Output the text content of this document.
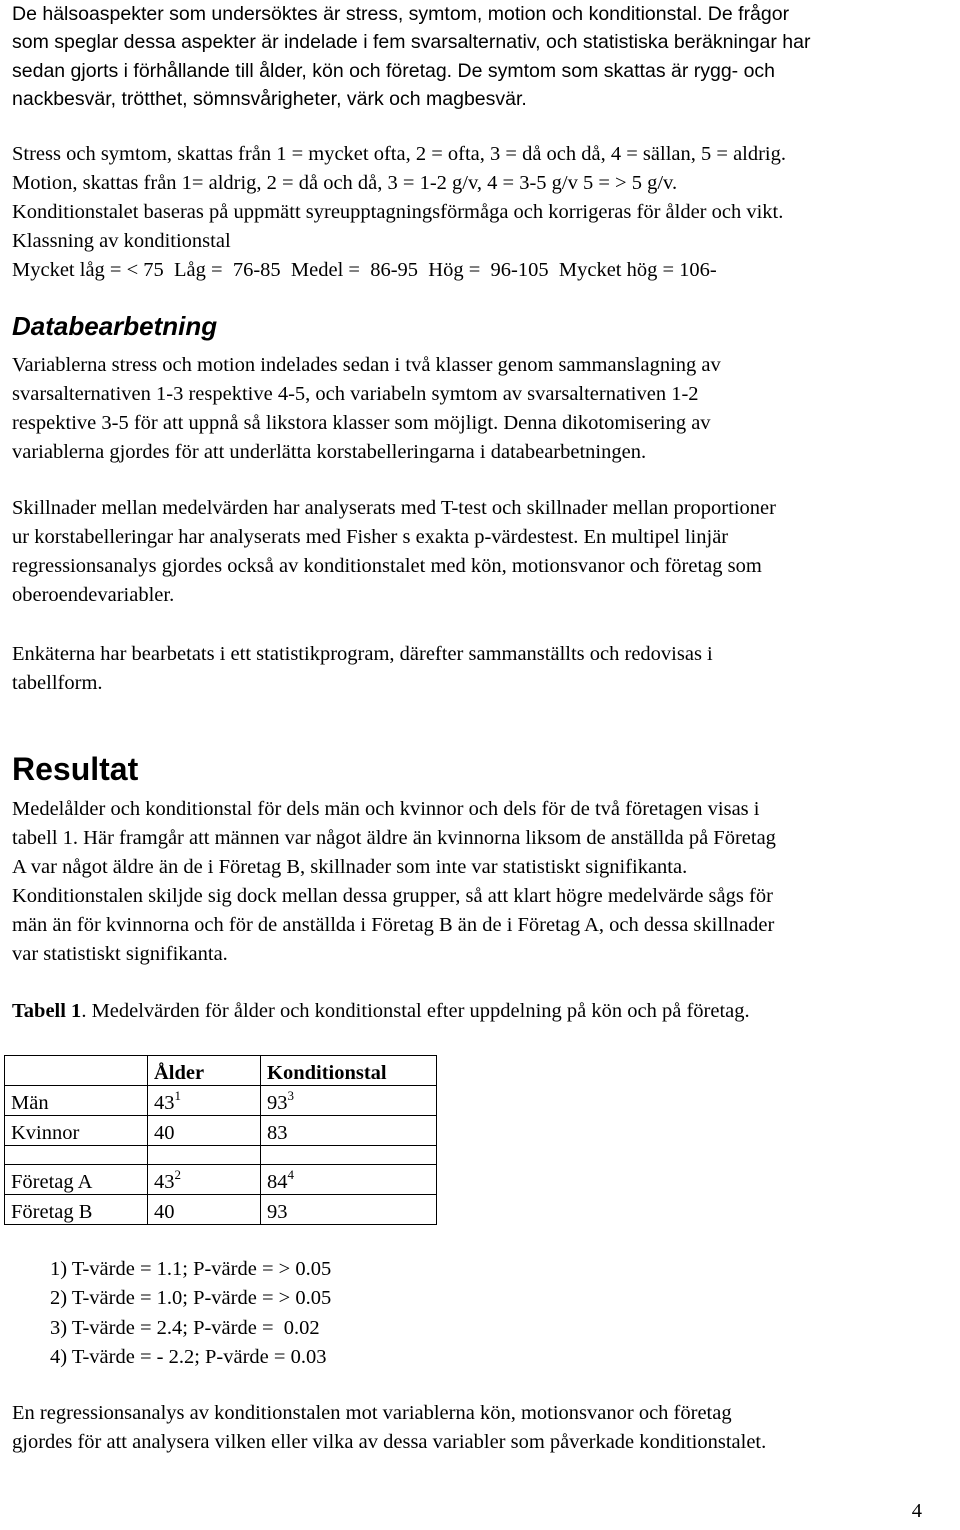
De hälsoaspekter som undersöktes är stress, symtom, motion och konditionstal. De frågor
som speglar dessa aspekter är indelade i fem svarsalternativ, och statistiska beräkningar har
sedan gjorts i förhållande till ålder, kön och företag. De symtom som skattas är rygg- och
nackbesvär, trötthet, sömnsvårigheter, värk och magbesvär.
Stress och symtom, skattas från 1 = mycket ofta, 2 = ofta, 3 = då och då, 4 = sällan, 5 = aldrig.
Motion, skattas från 1= aldrig, 2 = då och då, 3 = 1-2 g/v, 4 = 3-5 g/v 5 = > 5 g/v.
Konditionstalet baseras på uppmätt syreupptagningsförmåga och korrigeras för ålder och vikt.
Klassning av konditionstal
Mycket låg = < 75  Låg =  76-85  Medel =  86-95  Hög =  96-105  Mycket hög = 106-
Databearbetning
Variablerna stress och motion indelades sedan i två klasser genom sammanslagning av
svarsalternativen 1-3 respektive 4-5, och variabeln symtom av svarsalternativen 1-2
respektive 3-5 för att uppnå så likstora klasser som möjligt. Denna dikotomisering av
variablerna gjordes för att underlätta korstabelleringarna i databearbetningen.
Skillnader mellan medelvärden har analyserats med T-test och skillnader mellan proportioner
ur korstabelleringar har analyserats med Fisher s exakta p-värdestest. En multipel linjär
regressionsanalys gjordes också av konditionstalet med kön, motionsvanor och företag som
oberoendevariabler.
Enkäterna har bearbetats i ett statistikprogram, därefter sammanställts och redovisas i
tabellform.
Resultat
Medelålder och konditionstal för dels män och kvinnor och dels för de två företagen visas i
tabell 1. Här framgår att männen var något äldre än kvinnorna liksom de anställda på Företag
A var något äldre än de i Företag B, skillnader som inte var statistiskt signifikanta.
Konditionstalen skiljde sig dock mellan dessa grupper, så att klart högre medelvärde sågs för
män än för kvinnorna och för de anställda i Företag B än de i Företag A, och dessa skillnader
var statistiskt signifikanta.
Tabell 1. Medelvärden för ålder och konditionstal efter uppdelning på kön och på företag.
	Ålder	Konditionstal
Män	$43^1$	$93^3$
Kvinnor	40	83

Företag A	$43^2$	$84^4$
Företag B	40	93
1) T-värde = 1.1; P-värde = > 0.05
2) T-värde = 1.0; P-värde = > 0.05
3) T-värde = 2.4; P-värde =  0.02
4) T-värde = - 2.2; P-värde = 0.03
En regressionsanalys av konditionstalen mot variablerna kön, motionsvanor och företag
gjordes för att analysera vilken eller vilka av dessa variabler som påverkade konditionstalet.
4
